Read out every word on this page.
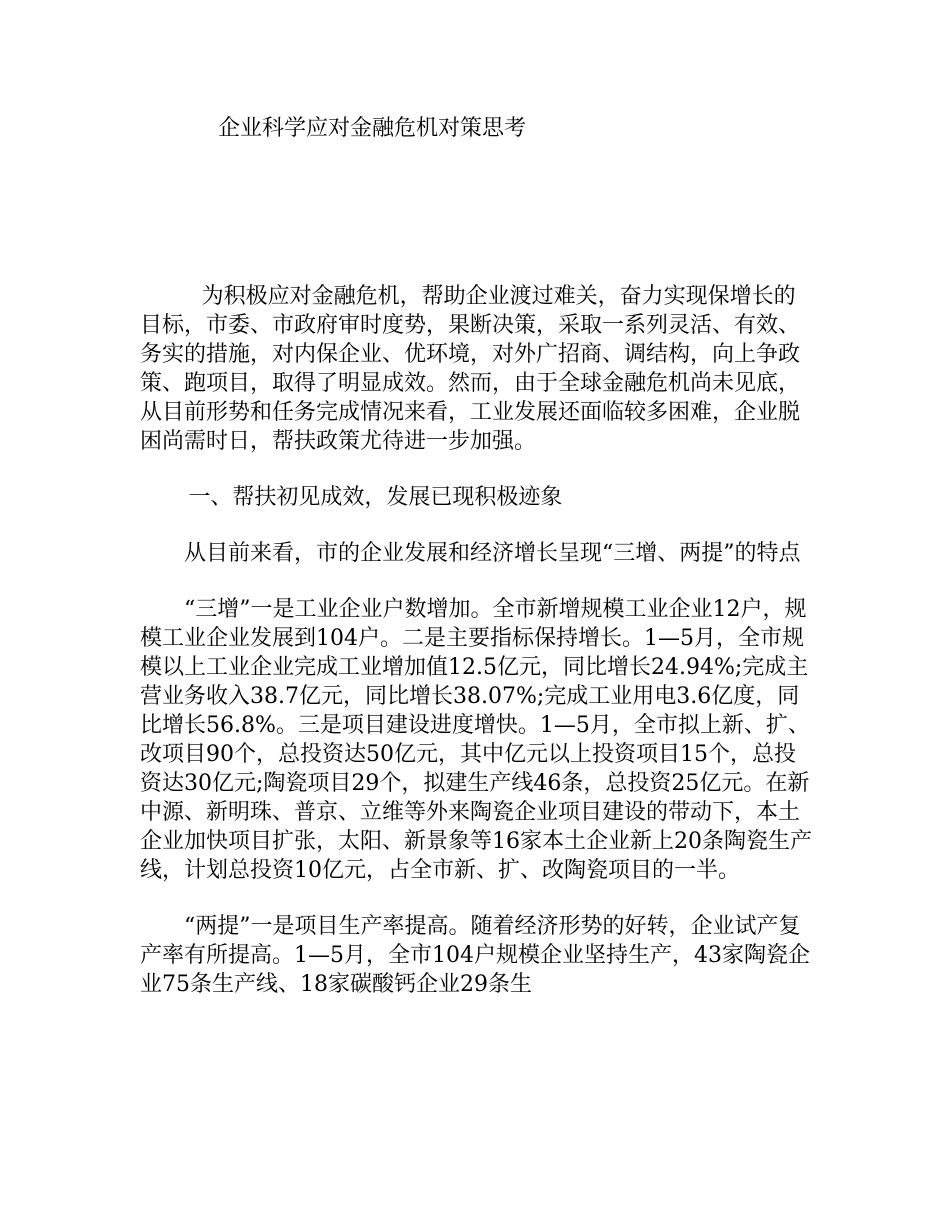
企业科学应对金融危机对策思考

为积极应对金融危机，帮助企业渡过难关，奋力实现保增长的目标，市委、市政府审时度势，果断决策，采取一系列灵活、有效、务实的措施，对内保企业、优环境，对外广招商、调结构，向上争政策、跑项目，取得了明显成效。然而，由于全球金融危机尚未见底，从目前形势和任务完成情况来看，工业发展还面临较多困难，企业脱困尚需时日，帮扶政策尤待进一步加强。

一、帮扶初见成效，发展已现积极迹象

从目前来看，市的企业发展和经济增长呈现“三增、两提”的特点

“三增”一是工业企业户数增加。全市新增规模工业企业12户，规模工业企业发展到104户。二是主要指标保持增长。1—5月，全市规模以上工业企业完成工业增加值12.5亿元，同比增长24.94%;完成主营业务收入38.7亿元，同比增长38.07%;完成工业用电3.6亿度，同比增长56.8%。三是项目建设进度增快。1—5月，全市拟上新、扩、改项目90个，总投资达50亿元，其中亿元以上投资项目15个，总投资达30亿元;陶瓷项目29个，拟建生产线46条，总投资25亿元。在新中源、新明珠、普京、立维等外来陶瓷企业项目建设的带动下，本土企业加快项目扩张，太阳、新景象等16家本土企业新上20条陶瓷生产线，计划总投资10亿元，占全市新、扩、改陶瓷项目的一半。

“两提”一是项目生产率提高。随着经济形势的好转，企业试产复产率有所提高。1—5月，全市104户规模企业坚持生产，43家陶瓷企业75条生产线、18家碳酸钙企业29条生
